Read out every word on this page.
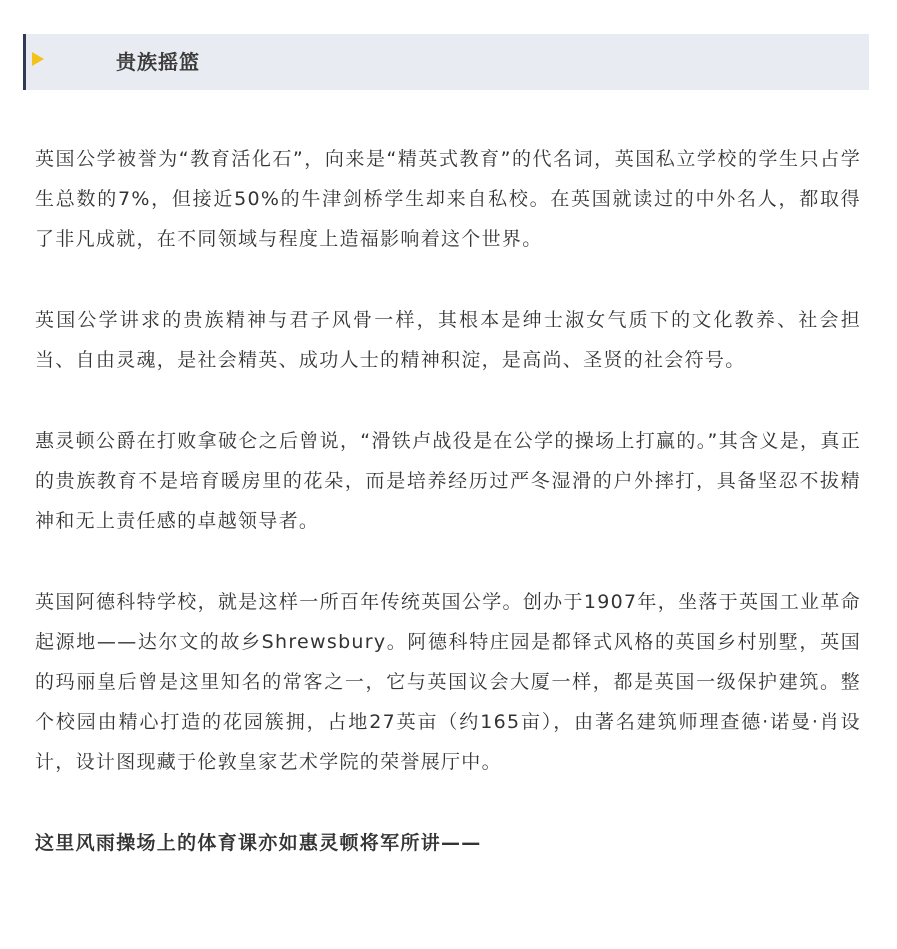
贵族摇篮

英国公学被誉为“教育活化石”，向来是“精英式教育”的代名词，英国私立学校的学生只占学生总数的7%，但接近50%的牛津剑桥学生却来自私校。在英国就读过的中外名人，都取得了非凡成就，在不同领域与程度上造福影响着这个世界。

英国公学讲求的贵族精神与君子风骨一样，其根本是绅士淑女气质下的文化教养、社会担当、自由灵魂，是社会精英、成功人士的精神积淀，是高尚、圣贤的社会符号。

惠灵顿公爵在打败拿破仑之后曾说，“滑铁卢战役是在公学的操场上打赢的。”其含义是，真正的贵族教育不是培育暖房里的花朵，而是培养经历过严冬湿滑的户外摔打，具备坚忍不拔精神和无上责任感的卓越领导者。

英国阿德科特学校，就是这样一所百年传统英国公学。创办于1907年，坐落于英国工业革命起源地——达尔文的故乡Shrewsbury。阿德科特庄园是都铎式风格的英国乡村别墅，英国的玛丽皇后曾是这里知名的常客之一，它与英国议会大厦一样，都是英国一级保护建筑。整个校园由精心打造的花园簇拥，占地27英亩（约165亩），由著名建筑师理查德·诺曼·肖设计，设计图现藏于伦敦皇家艺术学院的荣誉展厅中。

这里风雨操场上的体育课亦如惠灵顿将军所讲——
